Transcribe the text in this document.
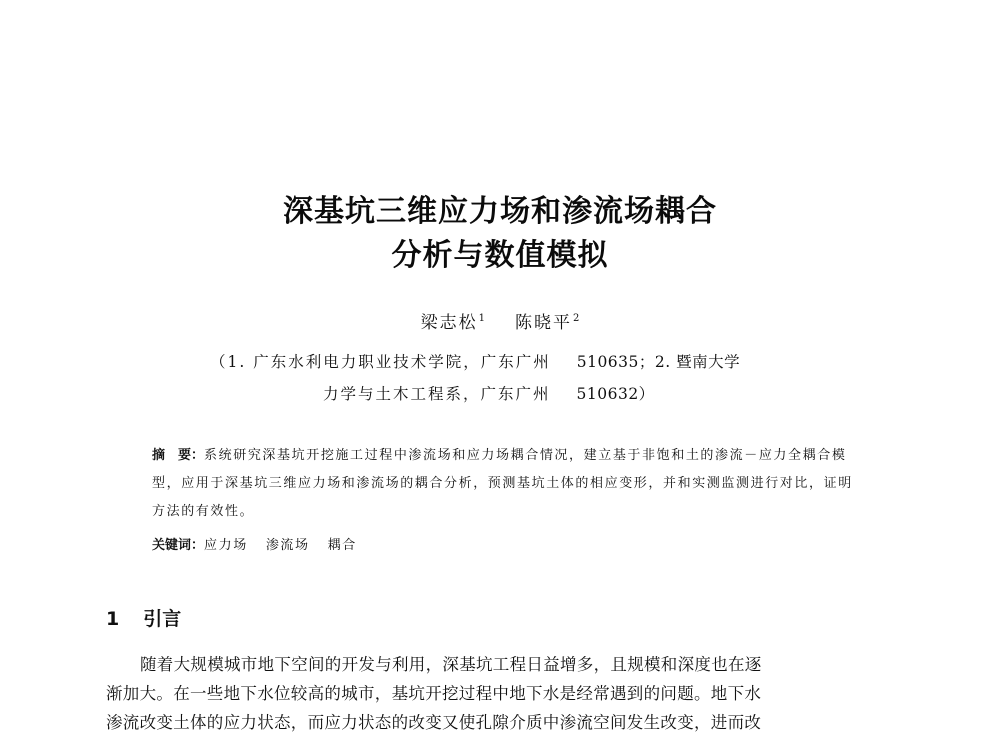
深基坑三维应力场和渗流场耦合
分析与数值模拟
梁志松$^1$ 陈晓平$^2$
（1. 广东水利电力职业技术学院，广东广州 510635；2. 暨南大学
力学与土木工程系，广东广州 510632）
摘　要：系统研究深基坑开挖施工过程中渗流场和应力场耦合情况，建立基于非饱和土的渗流－应力全耦合模型，应用于深基坑三维应力场和渗流场的耦合分析，预测基坑土体的相应变形，并和实测监测进行对比，证明方法的有效性。
关键词：应力场 渗流场 耦合
1 引言
随着大规模城市地下空间的开发与利用，深基坑工程日益增多，且规模和深度也在逐
渐加大。在一些地下水位较高的城市，基坑开挖过程中地下水是经常遇到的问题。地下水
渗流改变土体的应力状态，而应力状态的改变又使孔隙介质中渗流空间发生改变，进而改
